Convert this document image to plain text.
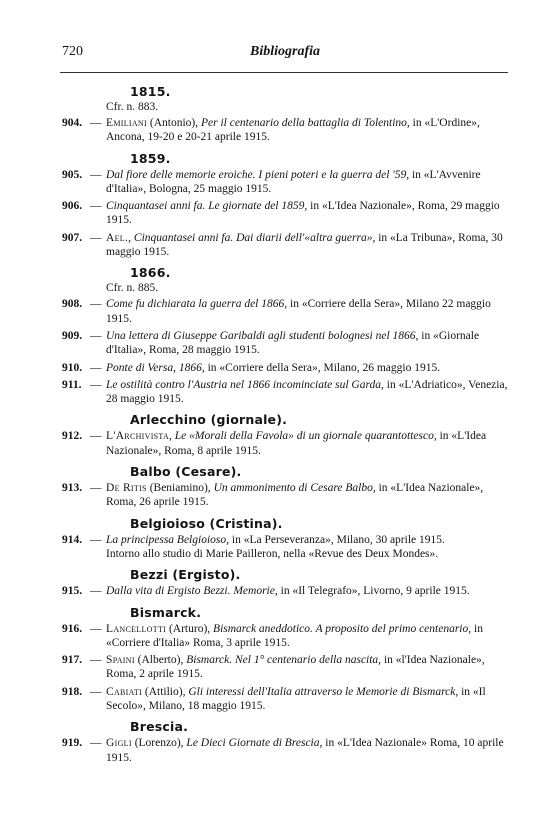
720	Bibliografia
1815.
Cfr. n. 883.
904. — Emiliani (Antonio), Per il centenario della battaglia di Tolentino, in «L'Ordine», Ancona, 19-20 e 20-21 aprile 1915.
1859.
905. — Dal fiore delle memorie eroiche. I pieni poteri e la guerra del '59, in «L'Avvenire d'Italia», Bologna, 25 maggio 1915.
906. — Cinquantasei anni fa. Le giornate del 1859, in «L'Idea Nazionale», Roma, 29 maggio 1915.
907. — Ael., Cinquantasei anni fa. Dai diarii dell'«altra guerra», in «La Tribuna», Roma, 30 maggio 1915.
1866.
Cfr. n. 885.
908. — Come fu dichiarata la guerra del 1866, in «Corriere della Sera», Milano 22 maggio 1915.
909. — Una lettera di Giuseppe Garibaldi agli studenti bolognesi nel 1866, in «Giornale d'Italia», Roma, 28 maggio 1915.
910. — Ponte di Versa, 1866, in «Corriere della Sera», Milano, 26 maggio 1915.
911. — Le ostilità contro l'Austria nel 1866 incominciate sul Garda, in «L'Adriatico», Venezia, 28 maggio 1915.
Arlecchino (giornale).
912. — L'Archivista, Le «Morali della Favola» di un giornale quarantottesco, in «L'Idea Nazionale», Roma, 8 aprile 1915.
Balbo (Cesare).
913. — De Ritis (Beniamino), Un ammonimento di Cesare Balbo, in «L'Idea Nazionale», Roma, 26 aprile 1915.
Belgioioso (Cristina).
914. — La principessa Belgioioso, in «La Perseveranza», Milano, 30 aprile 1915.
Intorno allo studio di Marie Pailleron, nella «Revue des Deux Mondes».
Bezzi (Ergisto).
915. — Dalla vita di Ergisto Bezzi. Memorie, in «Il Telegrafo», Livorno, 9 aprile 1915.
Bismarck.
916. — Lancellotti (Arturo), Bismarck aneddotico. A proposito del primo centenario, in «Corriere d'Italia» Roma, 3 aprile 1915.
917. — Spaini (Alberto), Bismarck. Nel 1° centenario della nascita, in «l'Idea Nazionale», Roma, 2 aprile 1915.
918. — Cabiati (Attilio), Gli interessi dell'Italia attraverso le Memorie di Bismarck, in «Il Secolo», Milano, 18 maggio 1915.
Brescia.
919. — Gigli (Lorenzo), Le Dieci Giornate di Brescia, in «L'Idea Nazionale» Roma, 10 aprile 1915.
